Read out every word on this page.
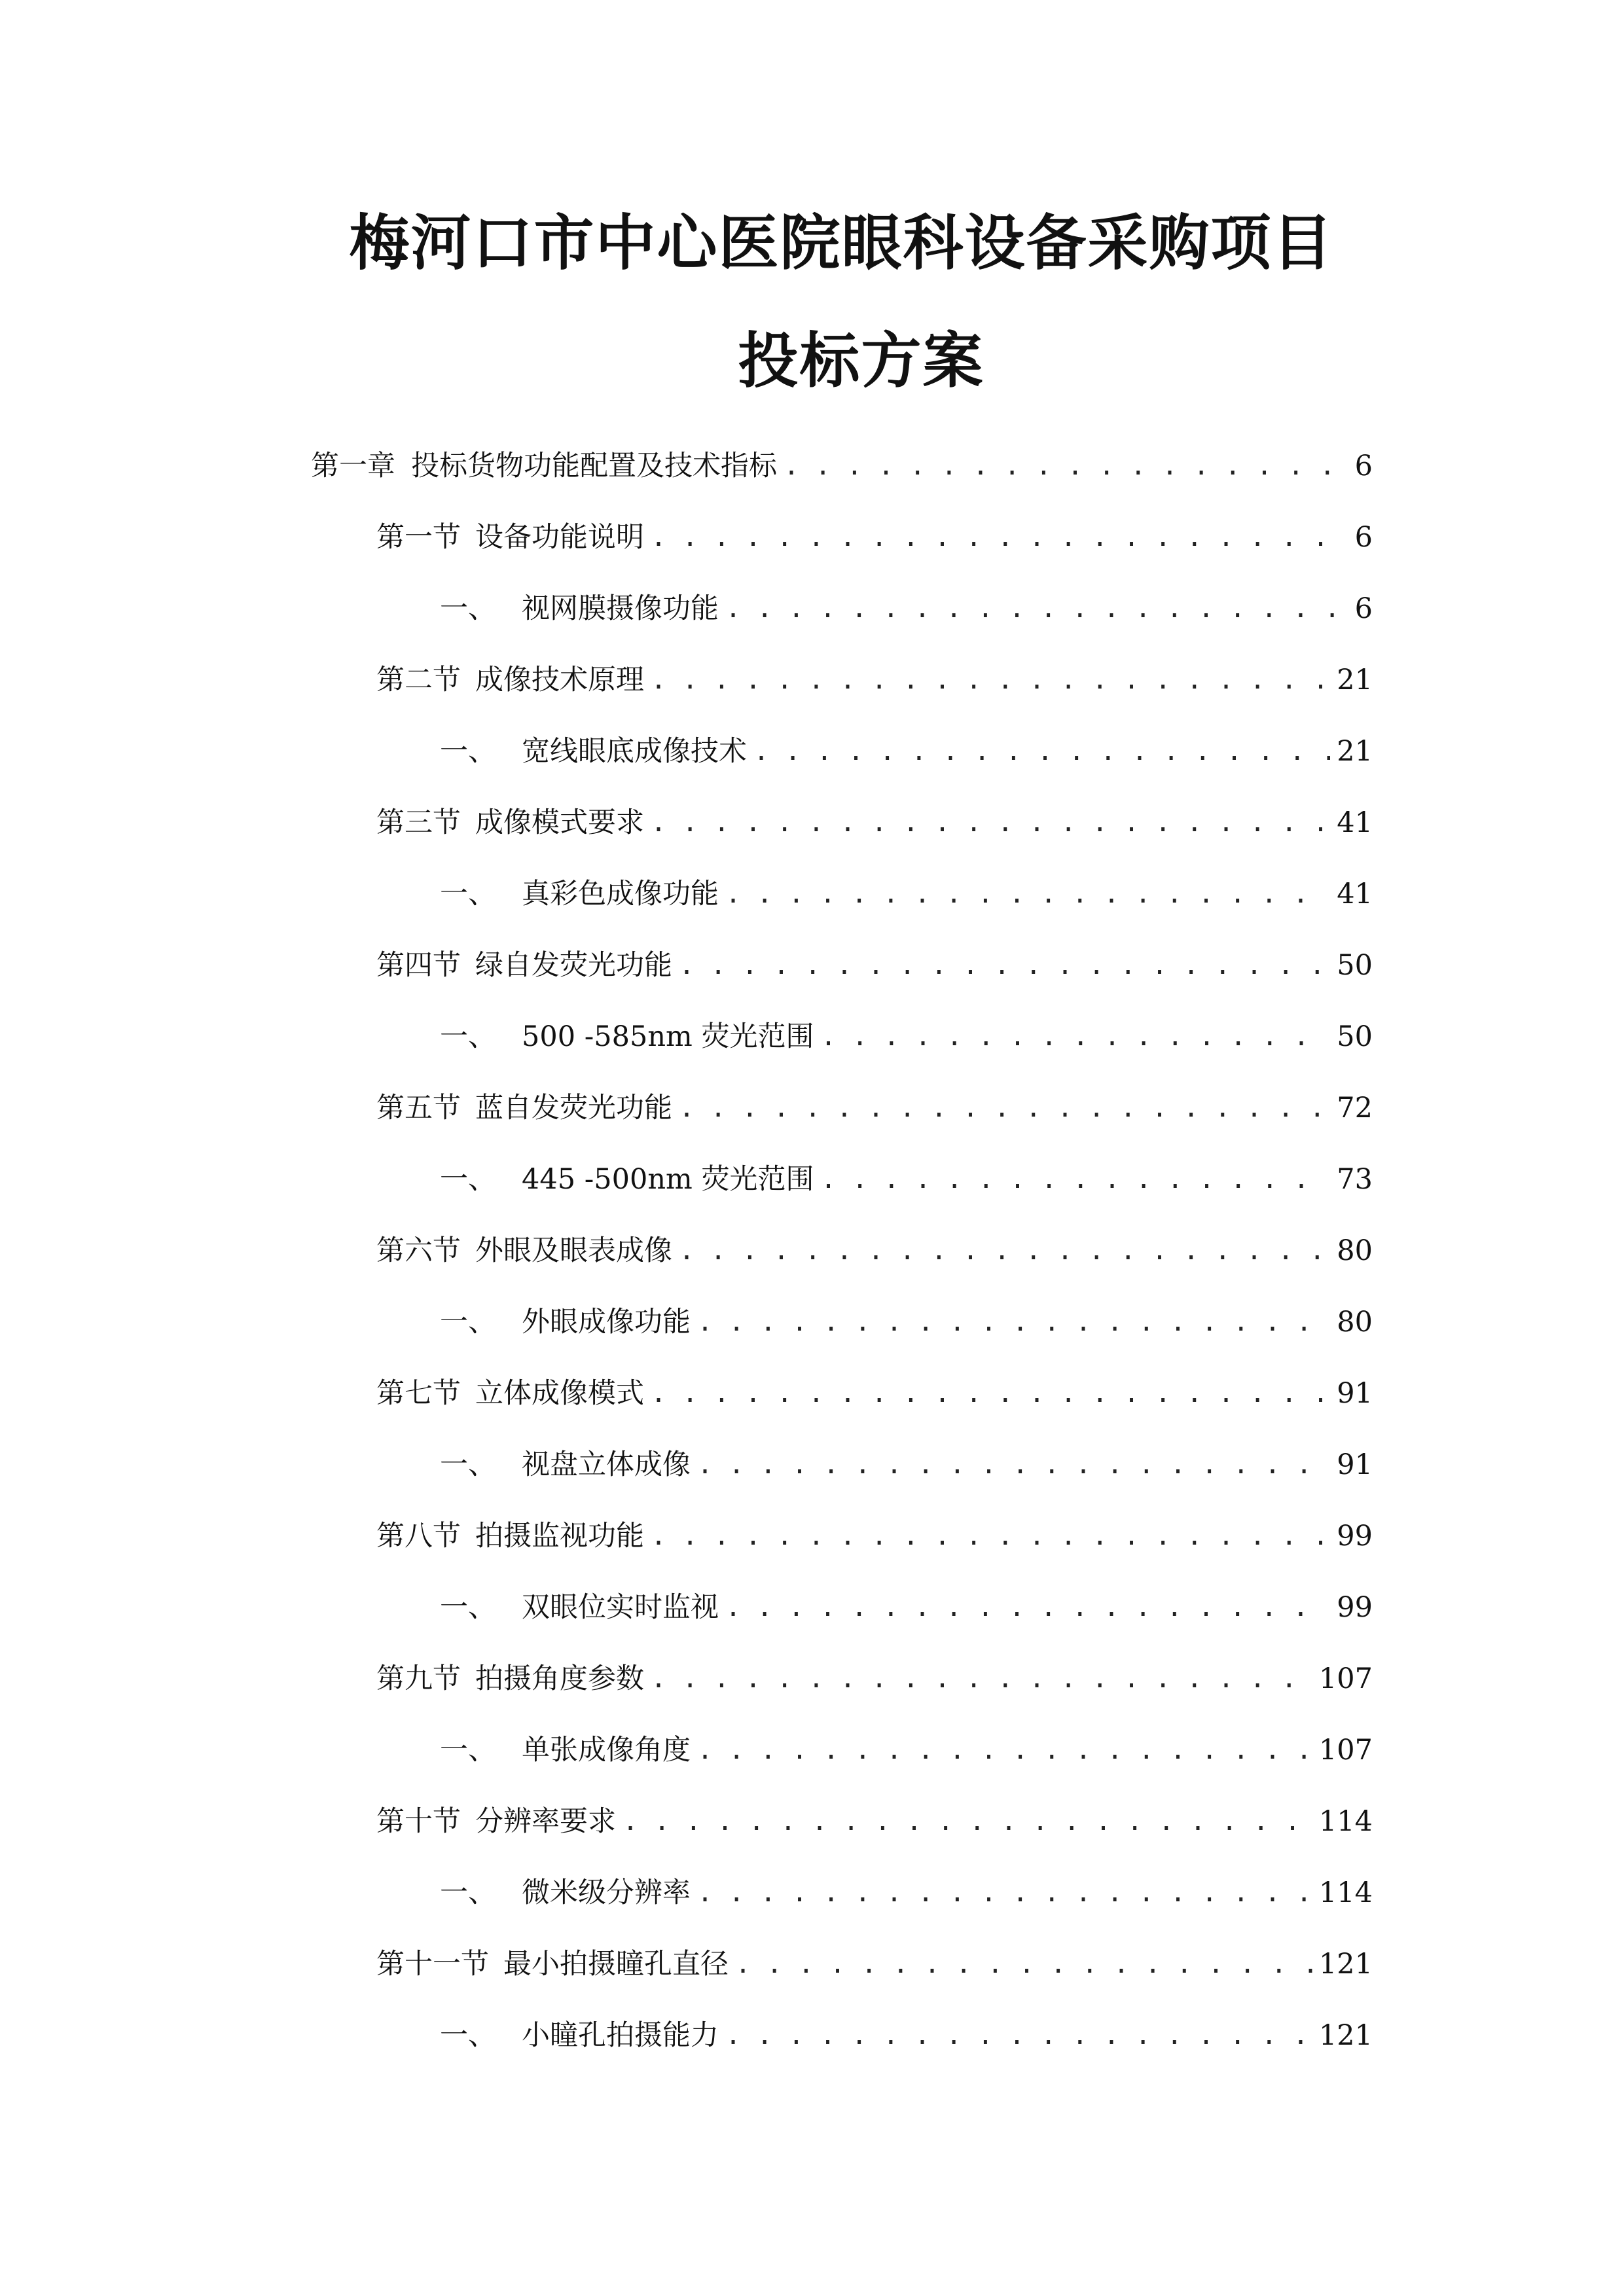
梅河口市中心医院眼科设备采购项目
投标方案
第一章 投标货物功能配置及技术指标 . . .	6
第一节 设备功能说明 . . .	6
一、 视网膜摄像功能 . . .	6
第二节 成像技术原理 . . .	21
一、 宽线眼底成像技术 . . .	21
第三节 成像模式要求 . . .	41
一、 真彩色成像功能 . . .	41
第四节 绿自发荧光功能 . . .	50
一、 500 -585nm 荧光范围 . . .	50
第五节 蓝自发荧光功能 . . .	72
一、 445 -500nm 荧光范围 . . .	73
第六节 外眼及眼表成像 . . .	80
一、 外眼成像功能 . . .	80
第七节 立体成像模式 . . .	91
一、 视盘立体成像 . . .	91
第八节 拍摄监视功能 . . .	99
一、 双眼位实时监视 . . .	99
第九节 拍摄角度参数 . . .	107
一、 单张成像角度 . . .	107
第十节 分辨率要求 . . .	114
一、 微米级分辨率 . . .	114
第十一节 最小拍摄瞳孔直径 . . .	121
一、 小瞳孔拍摄能力 . . .	121
